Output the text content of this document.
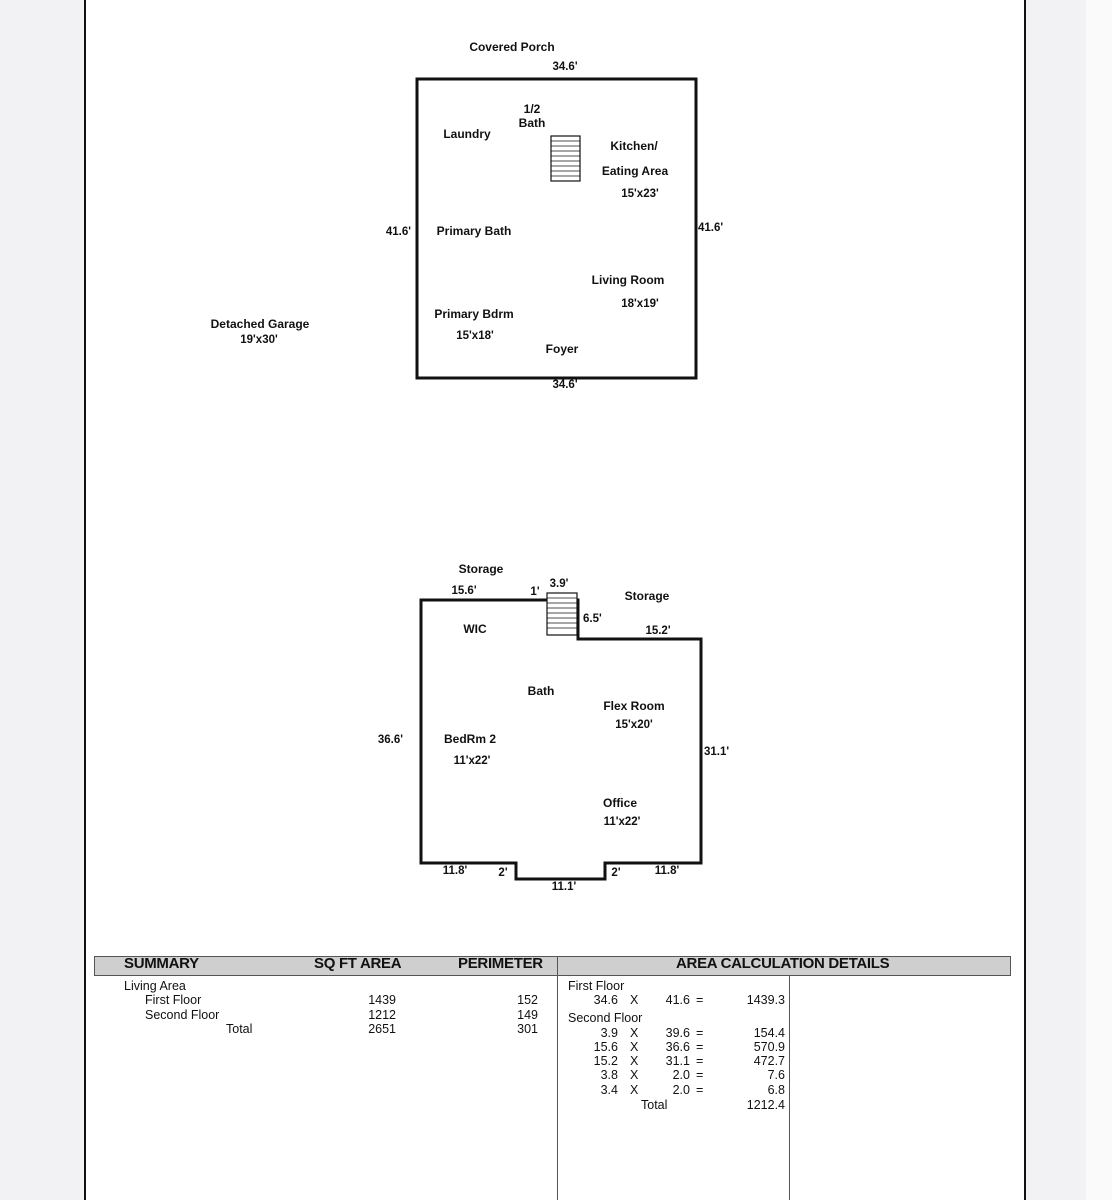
Covered Porch
34.6'
34.6'
41.6'	41.6'
1/2
Bath
Laundry
Kitchen/
Eating Area
15'x23'
Primary Bath
Living Room
18'x19'
Primary Bdrm
15'x18'
Foyer
Detached Garage
19'x30'
Storage
Storage
15.6'	1'
3.9'
6.5'
15.2'
36.6'
31.1'
11.8'	2'
11.1'
2'	11.8'
WIC
Bath
Flex Room
15'x20'
BedRm 2
11'x22'
Office
11'x22'
SUMMARY	SQ FT AREA	PERIMETER	AREA CALCULATION DETAILS
Living Area
First Floor	1439	152
Second Floor	1212	149
Total	2651	301
First Floor
34.6 X	41.6 =	1439.3
Second Floor
3.9 X	39.6 =	154.4
15.6 X	36.6 =	570.9
15.2 X	31.1 =	472.7
3.8 X	2.0 =	7.6
3.4 X	2.0 =	6.8
Total	1212.4
